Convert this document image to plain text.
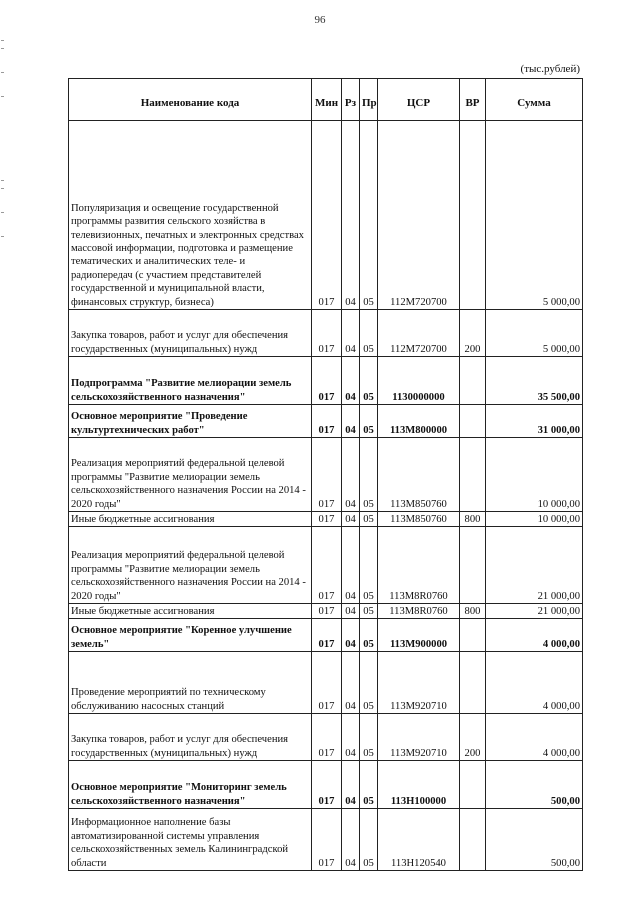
96
(тыс.рублей)
Наименование кода	Мин	Рз	Пр	ЦСР	ВР	Сумма
Популяризация и освещение государственной программы развития сельского хозяйства в телевизионных, печатных и электронных средствах массовой информации, подготовка и размещение тематических и аналитических теле- и радиопередач (с участием представителей государственной и муниципальной власти, финансовых структур, бизнеса)	017	04	05	112М720700		5 000,00
Закупка товаров, работ и услуг для обеспечения государственных (муниципальных) нужд	017	04	05	112М720700	200	5 000,00
Подпрограмма "Развитие мелиорации земель сельскохозяйственного назначения"	017	04	05	1130000000		35 500,00
Основное мероприятие "Проведение культуртехнических работ"	017	04	05	113М800000		31 000,00
Реализация мероприятий федеральной целевой программы "Развитие мелиорации земель сельскохозяйственного назначения России на 2014 - 2020 годы"	017	04	05	113М850760		10 000,00
Иные бюджетные ассигнования	017	04	05	113М850760	800	10 000,00
Реализация мероприятий федеральной целевой программы "Развитие мелиорации земель сельскохозяйственного назначения России на 2014 - 2020 годы"	017	04	05	113М8R0760		21 000,00
Иные бюджетные ассигнования	017	04	05	113М8R0760	800	21 000,00
Основное мероприятие "Коренное улучшение земель"	017	04	05	113М900000		4 000,00
Проведение мероприятий по техническому обслуживанию насосных станций	017	04	05	113М920710		4 000,00
Закупка товаров, работ и услуг для обеспечения государственных (муниципальных) нужд	017	04	05	113М920710	200	4 000,00
Основное мероприятие "Мониторинг земель сельскохозяйственного назначения"	017	04	05	113Н100000		500,00
Информационное наполнение базы автоматизированной системы управления сельскохозяйственных земель Калининградской области	017	04	05	113Н120540		500,00
